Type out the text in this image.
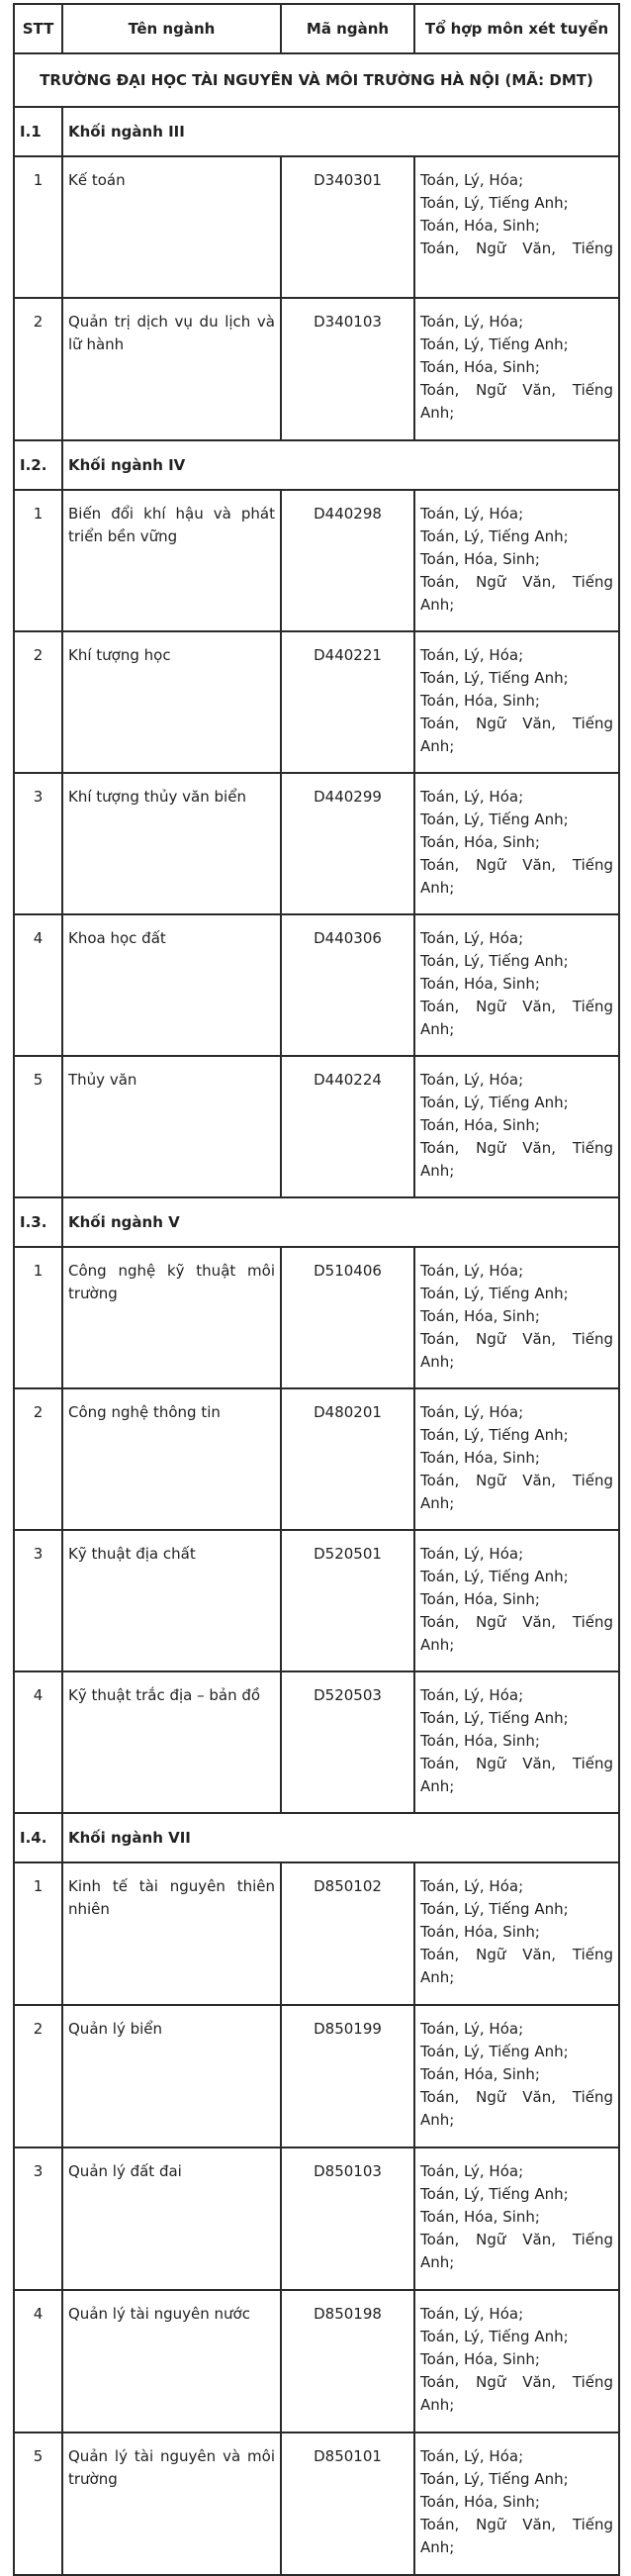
STT	Tên ngành	Mã ngành	Tổ hợp môn xét tuyển
TRƯỜNG ĐẠI HỌC TÀI NGUYÊN VÀ MÔI TRƯỜNG HÀ NỘI (MÃ: DMT)			
I.1	Khối ngành III		
1	Kế toán	D340301	Toán, Lý, Hóa;
Toán, Lý, Tiếng Anh;
Toán, Hóa, Sinh;
Toán, Ngữ Văn, Tiếng

2	Quản trị dịch vụ du lịch và lữ hành	D340103	Toán, Lý, Hóa;
Toán, Lý, Tiếng Anh;
Toán, Hóa, Sinh;
Toán, Ngữ Văn, Tiếng
Anh;

I.2.	Khối ngành IV		
1	Biến đổi khí hậu và phát triển bền vững	D440298	Toán, Lý, Hóa;
Toán, Lý, Tiếng Anh;
Toán, Hóa, Sinh;
Toán, Ngữ Văn, Tiếng
Anh;

2	Khí tượng học	D440221	Toán, Lý, Hóa;
Toán, Lý, Tiếng Anh;
Toán, Hóa, Sinh;
Toán, Ngữ Văn, Tiếng
Anh;

3	Khí tượng thủy văn biển	D440299	Toán, Lý, Hóa;
Toán, Lý, Tiếng Anh;
Toán, Hóa, Sinh;
Toán, Ngữ Văn, Tiếng
Anh;

4	Khoa học đất	D440306	Toán, Lý, Hóa;
Toán, Lý, Tiếng Anh;
Toán, Hóa, Sinh;
Toán, Ngữ Văn, Tiếng
Anh;

5	Thủy văn	D440224	Toán, Lý, Hóa;
Toán, Lý, Tiếng Anh;
Toán, Hóa, Sinh;
Toán, Ngữ Văn, Tiếng
Anh;

I.3.	Khối ngành V		
1	Công nghệ kỹ thuật môi trường	D510406	Toán, Lý, Hóa;
Toán, Lý, Tiếng Anh;
Toán, Hóa, Sinh;
Toán, Ngữ Văn, Tiếng
Anh;

2	Công nghệ thông tin	D480201	Toán, Lý, Hóa;
Toán, Lý, Tiếng Anh;
Toán, Hóa, Sinh;
Toán, Ngữ Văn, Tiếng
Anh;

3	Kỹ thuật địa chất	D520501	Toán, Lý, Hóa;
Toán, Lý, Tiếng Anh;
Toán, Hóa, Sinh;
Toán, Ngữ Văn, Tiếng
Anh;

4	Kỹ thuật trắc địa – bản đồ	D520503	Toán, Lý, Hóa;
Toán, Lý, Tiếng Anh;
Toán, Hóa, Sinh;
Toán, Ngữ Văn, Tiếng
Anh;

I.4.	Khối ngành VII		
1	Kinh tế tài nguyên thiên nhiên	D850102	Toán, Lý, Hóa;
Toán, Lý, Tiếng Anh;
Toán, Hóa, Sinh;
Toán, Ngữ Văn, Tiếng
Anh;

2	Quản lý biển	D850199	Toán, Lý, Hóa;
Toán, Lý, Tiếng Anh;
Toán, Hóa, Sinh;
Toán, Ngữ Văn, Tiếng
Anh;

3	Quản lý đất đai	D850103	Toán, Lý, Hóa;
Toán, Lý, Tiếng Anh;
Toán, Hóa, Sinh;
Toán, Ngữ Văn, Tiếng
Anh;

4	Quản lý tài nguyên nước	D850198	Toán, Lý, Hóa;
Toán, Lý, Tiếng Anh;
Toán, Hóa, Sinh;
Toán, Ngữ Văn, Tiếng
Anh;

5	Quản lý tài nguyên và môi trường	D850101	Toán, Lý, Hóa;
Toán, Lý, Tiếng Anh;
Toán, Hóa, Sinh;
Toán, Ngữ Văn, Tiếng
Anh;
